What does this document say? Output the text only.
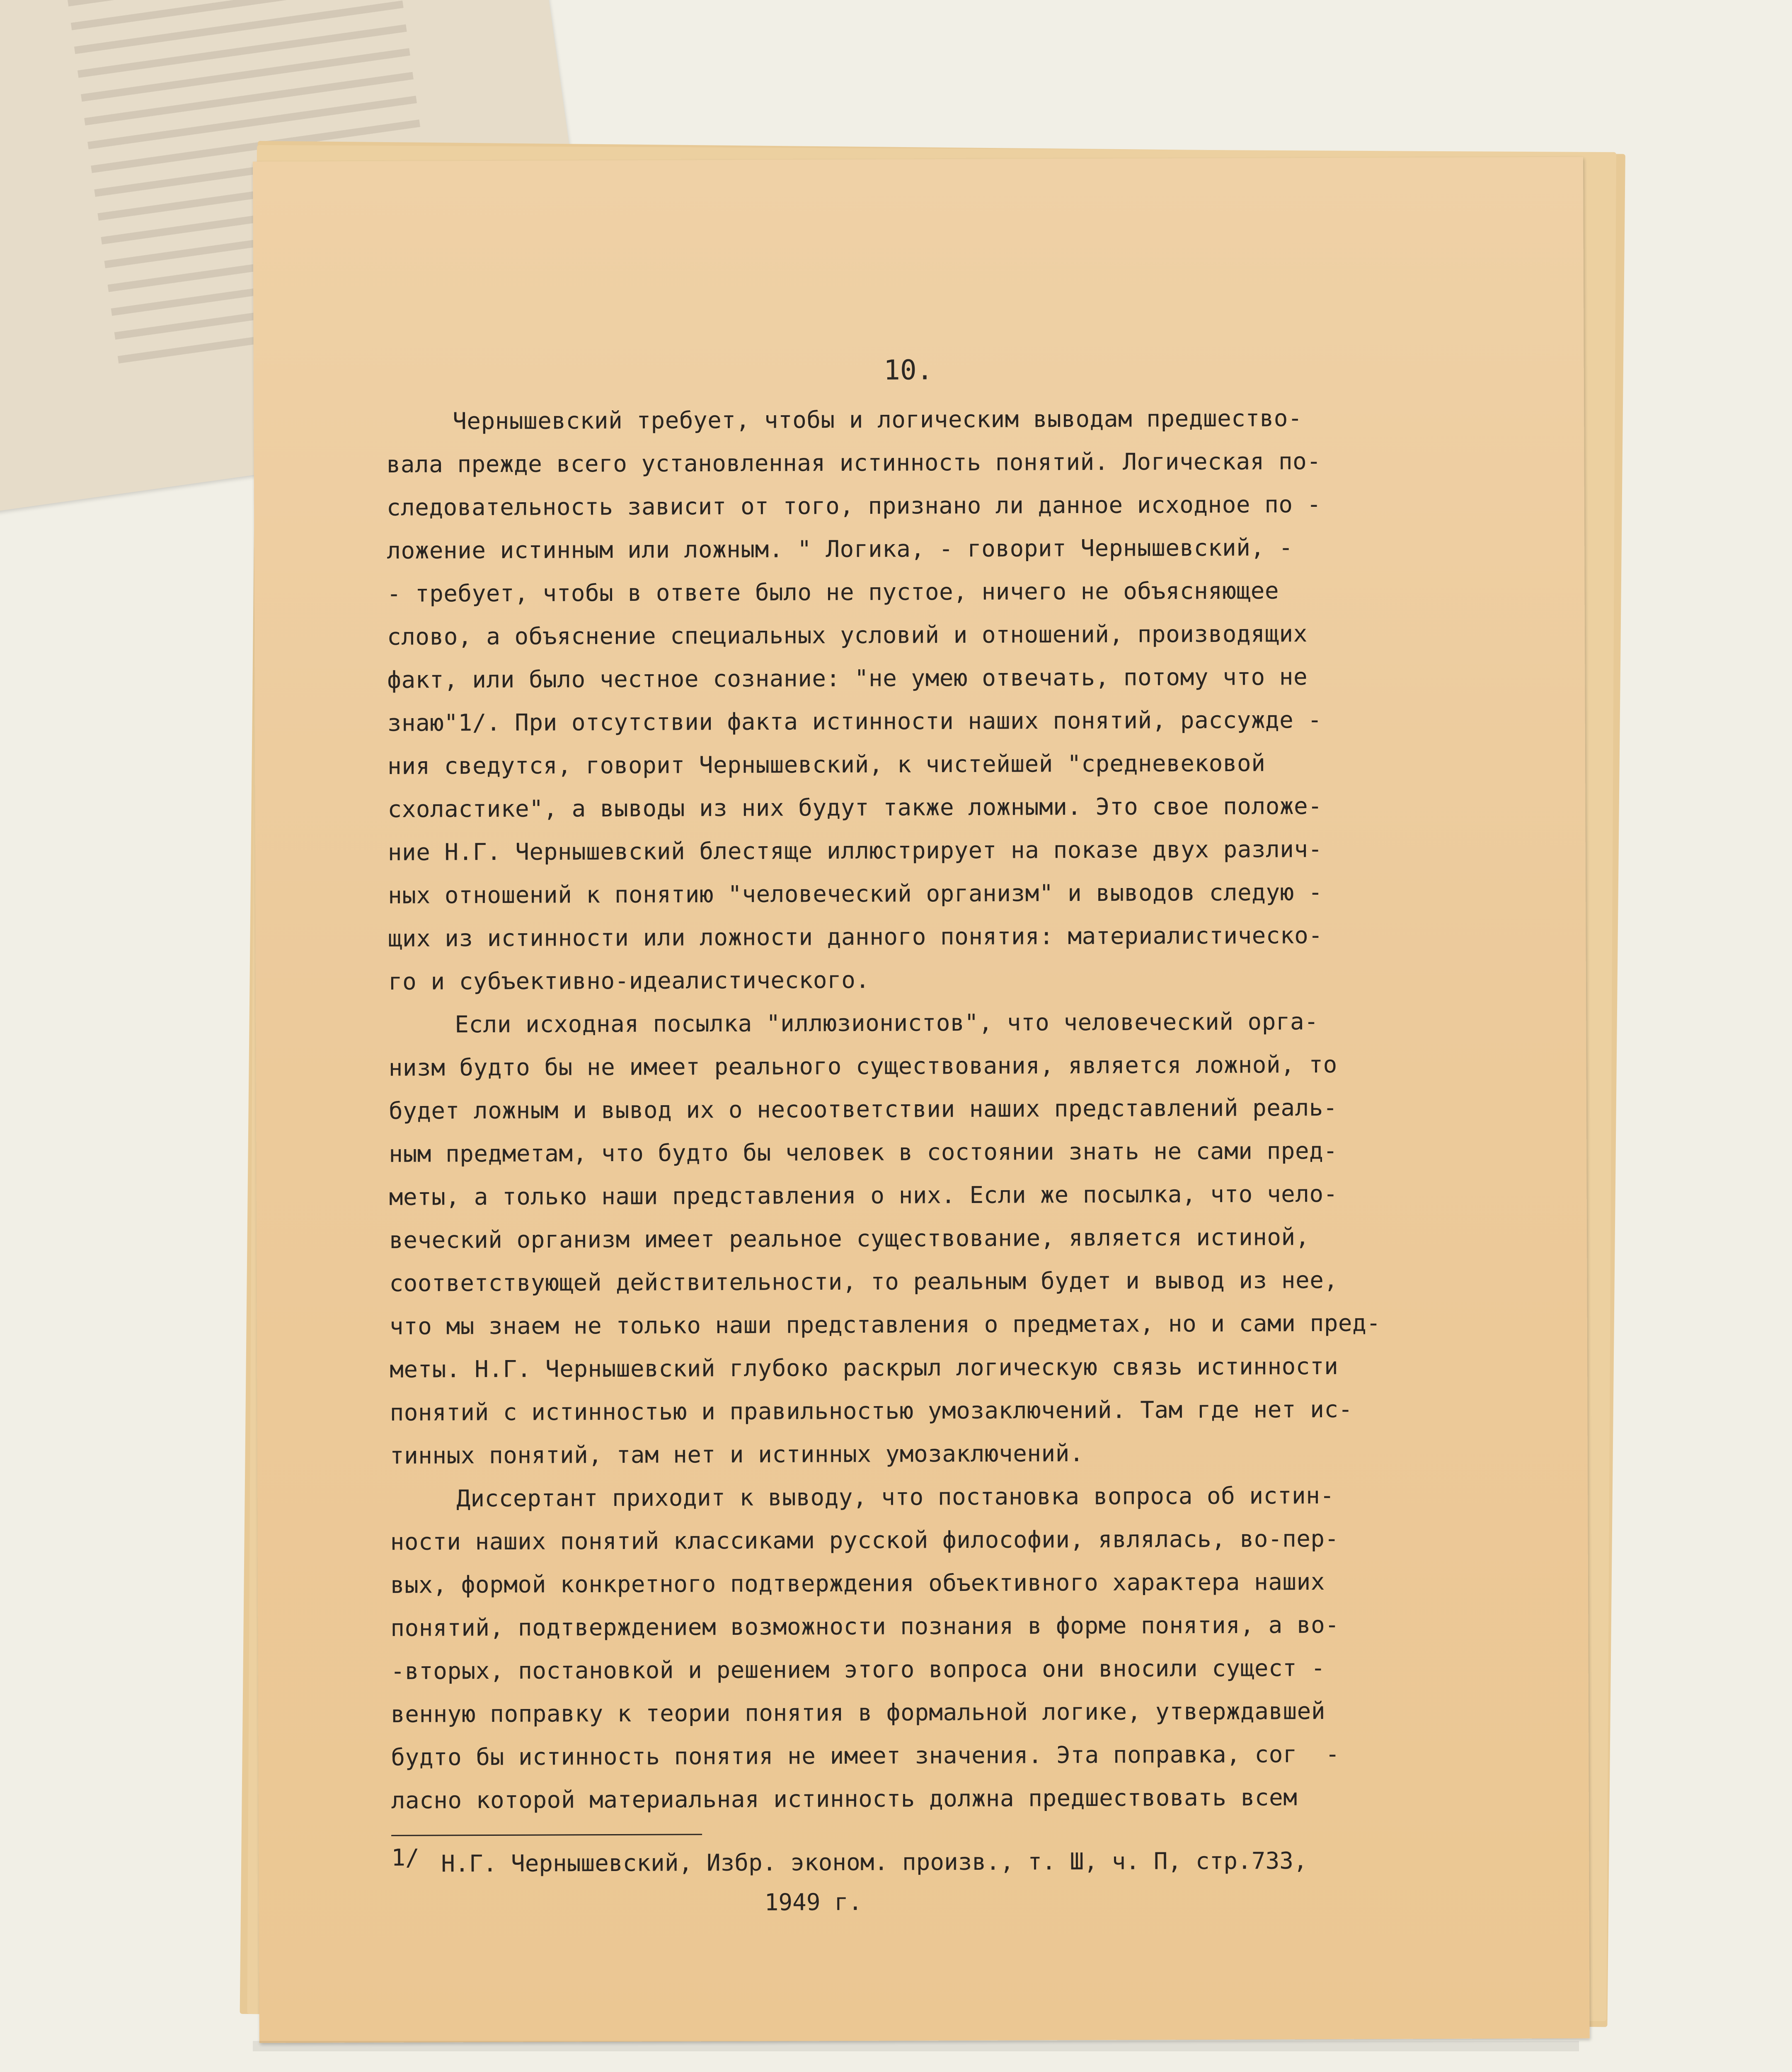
10.
Чернышевский требует, чтобы и логическим выводам предшество-
вала прежде всего установленная истинность понятий. Логическая по-
следовательность зависит от того, признано ли данное исходное по -
ложение истинным или ложным. " Логика, - говорит Чернышевский, -
- требует, чтобы в ответе было не пустое, ничего не объясняющее
слово, а объяснение специальных условий и отношений, производящих
факт, или было честное сознание: "не умею отвечать, потому что не
знаю"1/. При отсутствии факта истинности наших понятий, рассужде -
ния сведутся, говорит Чернышевский, к чистейшей "средневековой
схоластике", а выводы из них будут также ложными. Это свое положе-
ние Н.Г. Чернышевский блестяще иллюстрирует на показе двух различ-
ных отношений к понятию "человеческий организм" и выводов следую -
щих из истинности или ложности данного понятия: материалистическо-
го и субъективно-идеалистического.
Если исходная посылка "иллюзионистов", что человеческий орга-
низм будто бы не имеет реального существования, является ложной, то
будет ложным и вывод их о несоответствии наших представлений реаль-
ным предметам, что будто бы человек в состоянии знать не сами пред-
меты, а только наши представления о них. Если же посылка, что чело-
веческий организм имеет реальное существование, является истиной,
соответствующей действительности, то реальным будет и вывод из нее,
что мы знаем не только наши представления о предметах, но и сами пред-
меты. Н.Г. Чернышевский глубоко раскрыл логическую связь истинности
понятий с истинностью и правильностью умозаключений. Там где нет ис-
тинных понятий, там нет и истинных умозаключений.
Диссертант приходит к выводу, что постановка вопроса об истин-
ности наших понятий классиками русской философии, являлась, во-пер-
вых, формой конкретного подтверждения объективного характера наших
понятий, подтверждением возможности познания в форме понятия, а во-
-вторых, постановкой и решением этого вопроса они вносили сущест -
венную поправку к теории понятия в формальной логике, утверждавшей
будто бы истинность понятия не имеет значения. Эта поправка, сог  -
ласно которой материальная истинность должна предшествовать всем
1/ Н.Г. Чернышевский, Избр. эконом. произв., т. Ш, ч. П, стр.733,
1949 г.
